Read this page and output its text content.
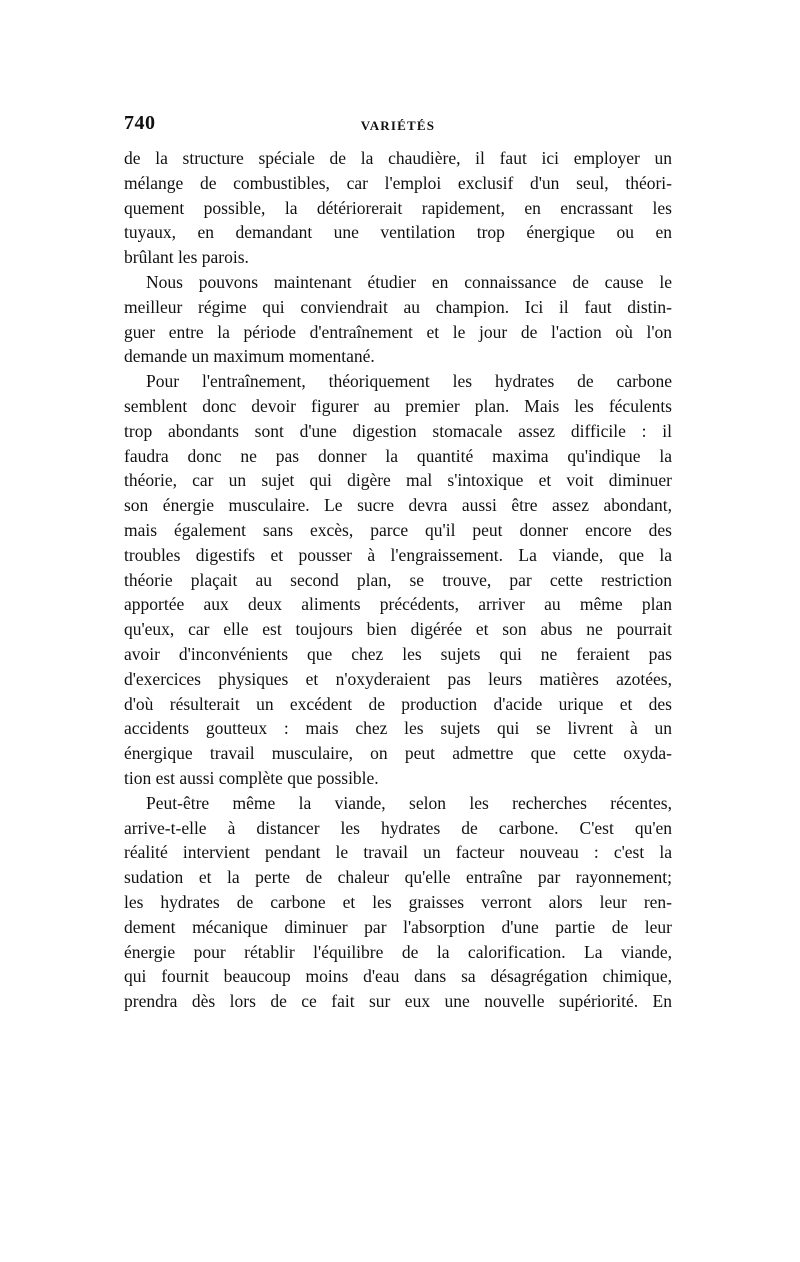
740	VARIÉTÉS
de la structure spéciale de la chaudière, il faut ici employer un
mélange de combustibles, car l'emploi exclusif d'un seul, théori-
quement possible, la détériorerait rapidement, en encrassant les
tuyaux, en demandant une ventilation trop énergique ou en
brûlant les parois.
Nous pouvons maintenant étudier en connaissance de cause le
meilleur régime qui conviendrait au champion. Ici il faut distin-
guer entre la période d'entraînement et le jour de l'action où l'on
demande un maximum momentané.
Pour l'entraînement, théoriquement les hydrates de carbone
semblent donc devoir figurer au premier plan. Mais les féculents
trop abondants sont d'une digestion stomacale assez difficile : il
faudra donc ne pas donner la quantité maxima qu'indique la
théorie, car un sujet qui digère mal s'intoxique et voit diminuer
son énergie musculaire. Le sucre devra aussi être assez abondant,
mais également sans excès, parce qu'il peut donner encore des
troubles digestifs et pousser à l'engraissement. La viande, que la
théorie plaçait au second plan, se trouve, par cette restriction
apportée aux deux aliments précédents, arriver au même plan
qu'eux, car elle est toujours bien digérée et son abus ne pourrait
avoir d'inconvénients que chez les sujets qui ne feraient pas
d'exercices physiques et n'oxyderaient pas leurs matières azotées,
d'où résulterait un excédent de production d'acide urique et des
accidents goutteux : mais chez les sujets qui se livrent à un
énergique travail musculaire, on peut admettre que cette oxyda-
tion est aussi complète que possible.
Peut-être même la viande, selon les recherches récentes,
arrive-t-elle à distancer les hydrates de carbone. C'est qu'en
réalité intervient pendant le travail un facteur nouveau : c'est la
sudation et la perte de chaleur qu'elle entraîne par rayonnement;
les hydrates de carbone et les graisses verront alors leur ren-
dement mécanique diminuer par l'absorption d'une partie de leur
énergie pour rétablir l'équilibre de la calorification. La viande,
qui fournit beaucoup moins d'eau dans sa désagrégation chimique,
prendra dès lors de ce fait sur eux une nouvelle supériorité. En
